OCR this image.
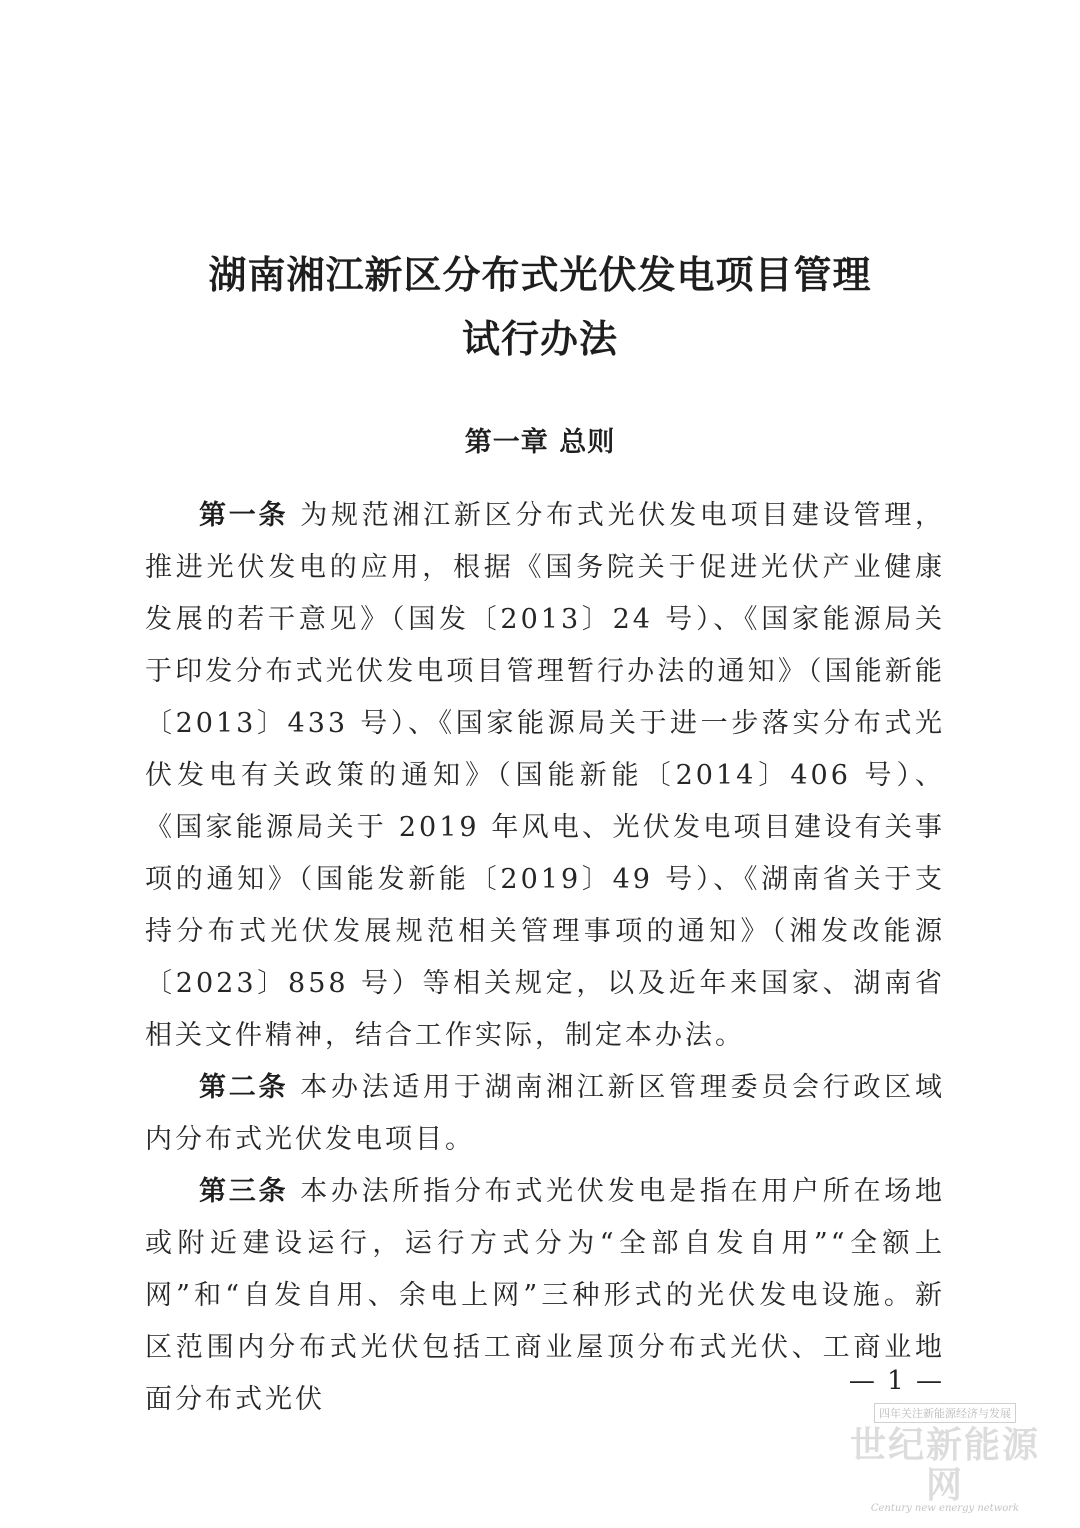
湖南湘江新区分布式光伏发电项目管理
试行办法
第一章 总则

第一条 为规范湘江新区分布式光伏发电项目建设管理，推进光伏发电的应用，根据《国务院关于促进光伏产业健康发展的若干意见》（国发〔2013〕24 号）、《国家能源局关于印发分布式光伏发电项目管理暂行办法的通知》（国能新能〔2013〕433 号）、《国家能源局关于进一步落实分布式光伏发电有关政策的通知》（国能新能〔2014〕406 号）、《国家能源局关于 2019 年风电、光伏发电项目建设有关事项的通知》（国能发新能〔2019〕49 号）、《湖南省关于支持分布式光伏发展规范相关管理事项的通知》（湘发改能源〔2023〕858 号）等相关规定，以及近年来国家、湖南省相关文件精神，结合工作实际，制定本办法。

第二条 本办法适用于湖南湘江新区管理委员会行政区域内分布式光伏发电项目。

第三条 本办法所指分布式光伏发电是指在用户所在场地或附近建设运行，运行方式分为“全部自发自用”“全额上网”和“自发自用、余电上网”三种形式的光伏发电设施。新区范围内分布式光伏包括工商业屋顶分布式光伏、工商业地面分布式光伏

— 1 —
四年关注新能源经济与发展
世纪新能源网
Century new energy network
